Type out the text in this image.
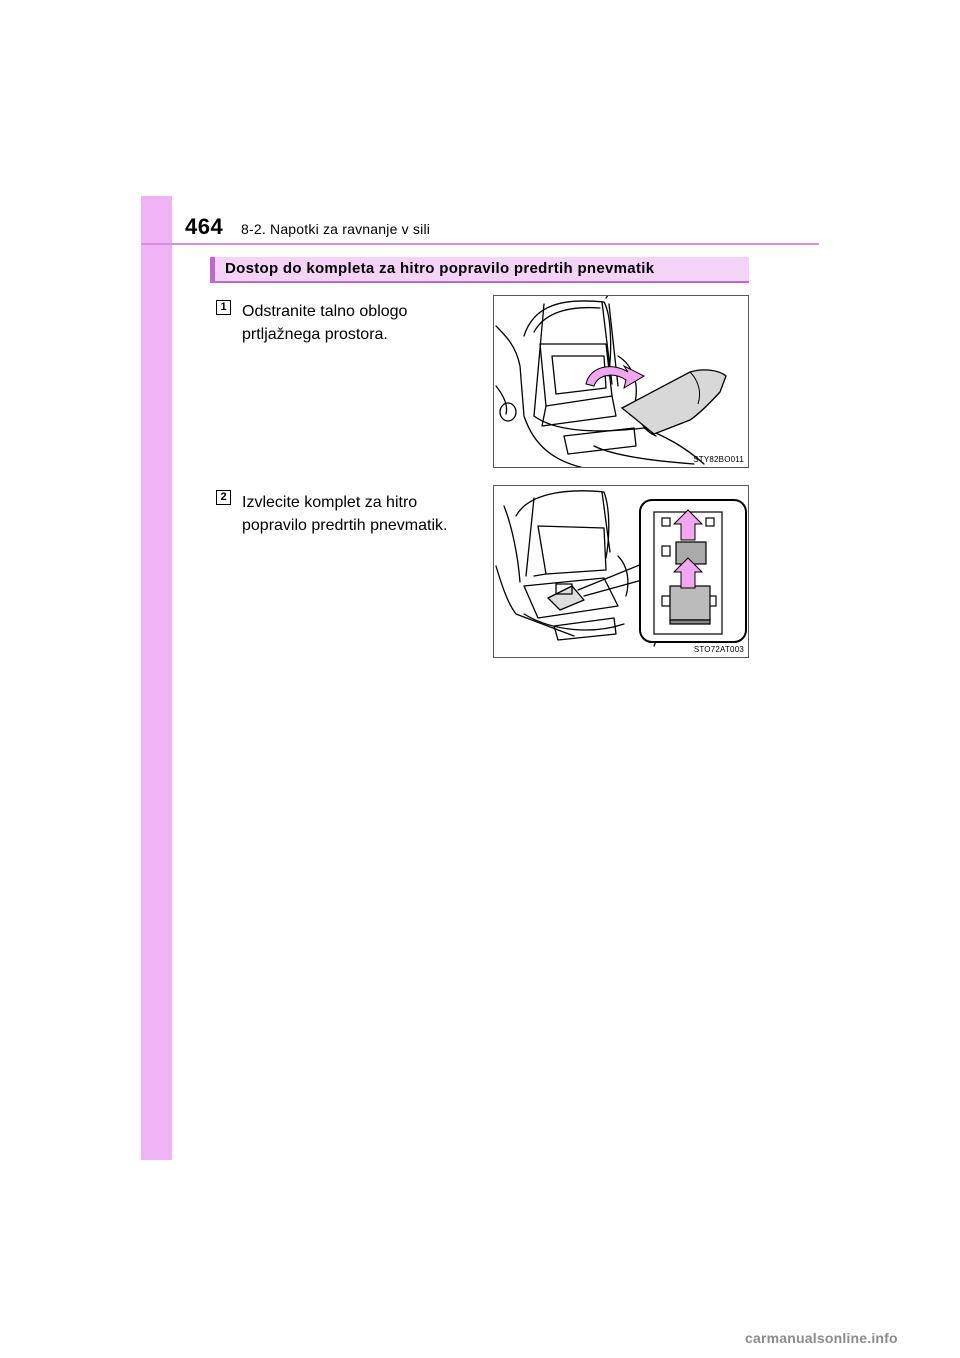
464 8-2. Napotki za ravnanje v sili
Dostop do kompleta za hitro popravilo predrtih pnevmatik
1 Odstranite talno oblogo prtljažnega prostora.
STY82BO011
2 Izvlecite komplet za hitro popravilo predrtih pnevmatik.
STO72AT003
carmanualsonline.info
